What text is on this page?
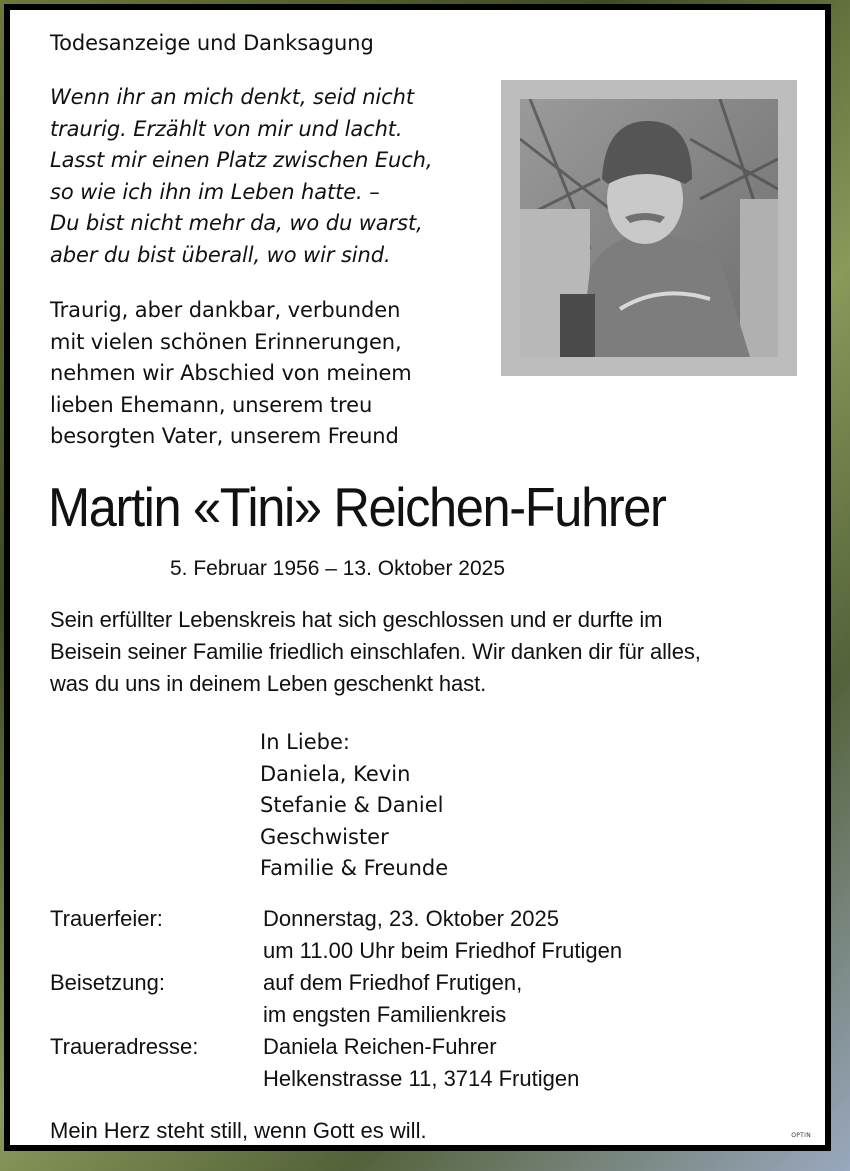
Todesanzeige und Danksagung
Wenn ihr an mich denkt, seid nicht
traurig. Erzählt von mir und lacht.
Lasst mir einen Platz zwischen Euch,
so wie ich ihn im Leben hatte. –
Du bist nicht mehr da, wo du warst,
aber du bist überall, wo wir sind.
Traurig, aber dankbar, verbunden
mit vielen schönen Erinnerungen,
nehmen wir Abschied von meinem
lieben Ehemann, unserem treu
besorgten Vater, unserem Freund
Martin «Tini» Reichen-Fuhrer
5. Februar 1956 – 13. Oktober 2025
Sein erfüllter Lebenskreis hat sich geschlossen und er durfte im
Beisein seiner Familie friedlich einschlafen. Wir danken dir für alles,
was du uns in deinem Leben geschenkt hast.
In Liebe:
Daniela, Kevin
Stefanie & Daniel
Geschwister
Familie & Freunde
Trauerfeier:	Donnerstag, 23. Oktober 2025
um 11.00 Uhr beim Friedhof Frutigen
Beisetzung:	auf dem Friedhof Frutigen,
im engsten Familienkreis
Traueradresse:	Daniela Reichen-Fuhrer
Helkenstrasse 11, 3714 Frutigen
Mein Herz steht still, wenn Gott es will.	OPTIN
